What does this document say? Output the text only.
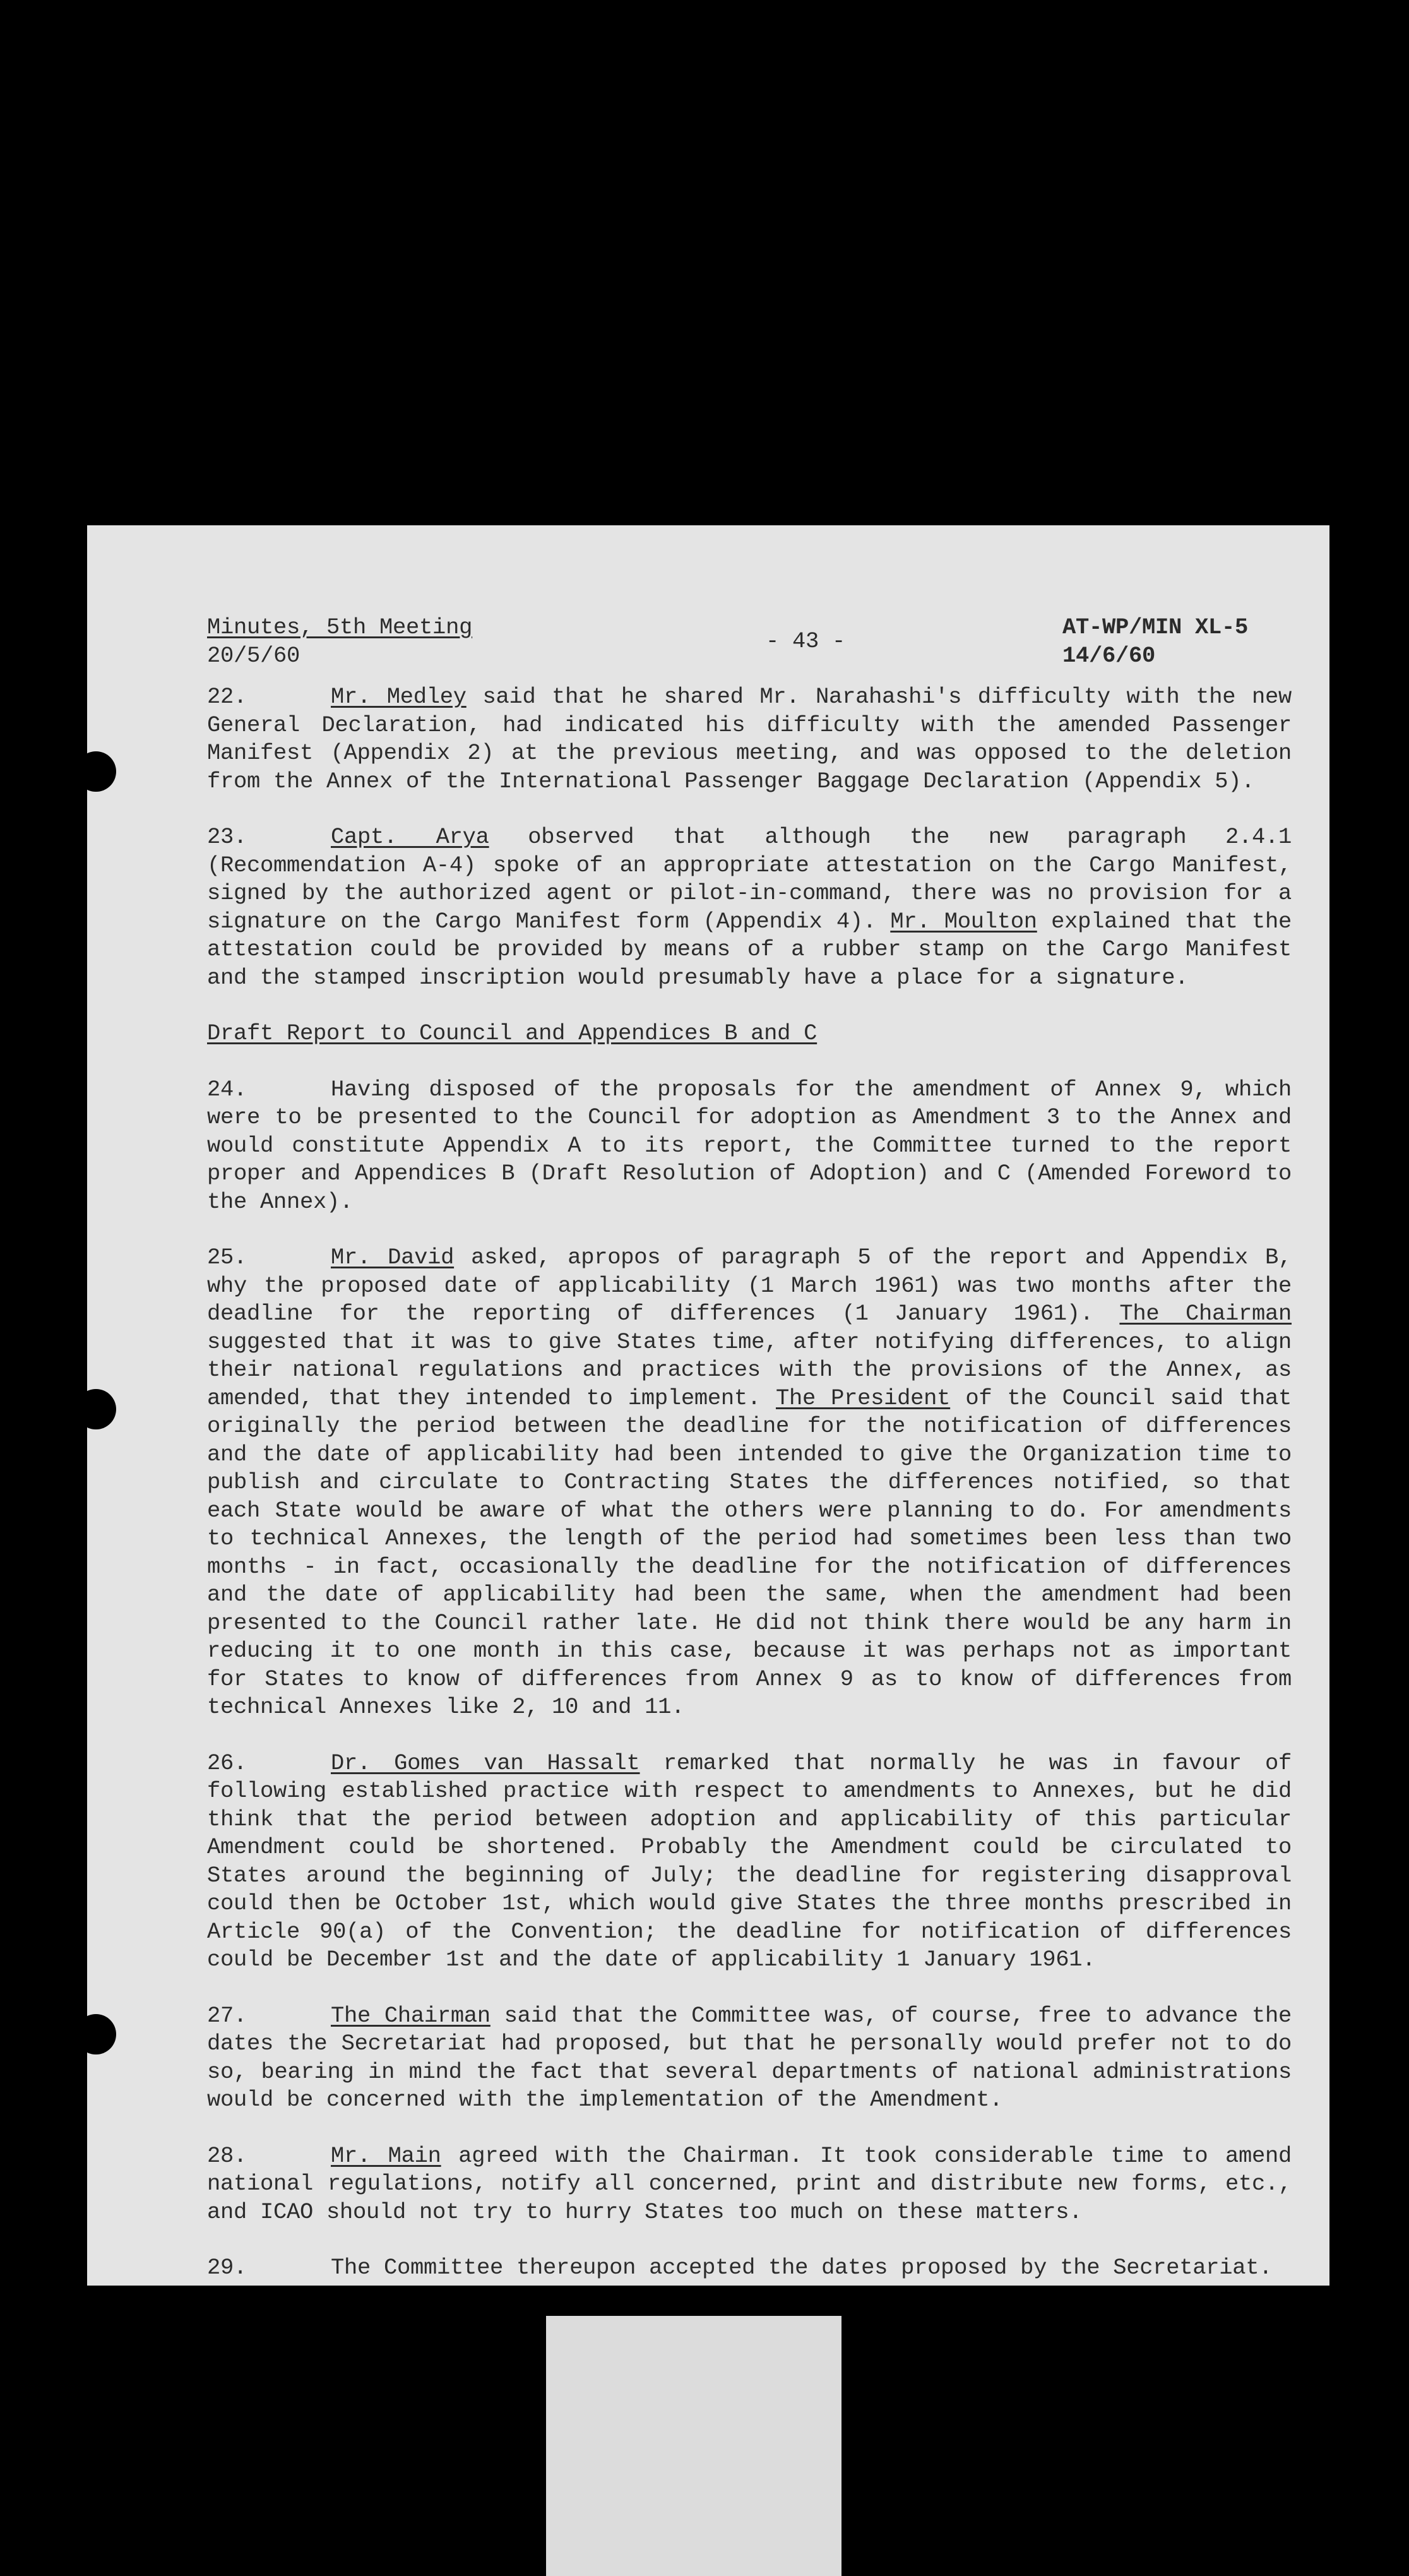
Minutes, 5th Meeting
20/5/60
- 43 -
AT-WP/MIN XL-5
14/6/60

22.	Mr. Medley said that he shared Mr. Narahashi's difficulty with the new General Declaration, had indicated his difficulty with the amended Passenger Manifest (Appendix 2) at the previous meeting, and was opposed to the deletion from the Annex of the International Passenger Baggage Declaration (Appendix 5).

23.	Capt. Arya observed that although the new paragraph 2.4.1 (Recommendation A-4) spoke of an appropriate attestation on the Cargo Manifest, signed by the authorized agent or pilot-in-command, there was no provision for a signature on the Cargo Manifest form (Appendix 4). Mr. Moulton explained that the attestation could be provided by means of a rubber stamp on the Cargo Manifest and the stamped inscription would presumably have a place for a signature.

Draft Report to Council and Appendices B and C

24.	Having disposed of the proposals for the amendment of Annex 9, which were to be presented to the Council for adoption as Amendment 3 to the Annex and would constitute Appendix A to its report, the Committee turned to the report proper and Appendices B (Draft Resolution of Adoption) and C (Amended Foreword to the Annex).

25.	Mr. David asked, apropos of paragraph 5 of the report and Appendix B, why the proposed date of applicability (1 March 1961) was two months after the deadline for the reporting of differences (1 January 1961). The Chairman suggested that it was to give States time, after notifying differences, to align their national regulations and practices with the provisions of the Annex, as amended, that they intended to implement. The President of the Council said that originally the period between the deadline for the notification of differences and the date of applicability had been intended to give the Organization time to publish and circulate to Contracting States the differences notified, so that each State would be aware of what the others were planning to do. For amendments to technical Annexes, the length of the period had sometimes been less than two months - in fact, occasionally the deadline for the notification of differences and the date of applicability had been the same, when the amendment had been presented to the Council rather late. He did not think there would be any harm in reducing it to one month in this case, because it was perhaps not as important for States to know of differences from Annex 9 as to know of differences from technical Annexes like 2, 10 and 11.

26.	Dr. Gomes van Hassalt remarked that normally he was in favour of following established practice with respect to amendments to Annexes, but he did think that the period between adoption and applicability of this particular Amendment could be shortened. Probably the Amendment could be circulated to States around the beginning of July; the deadline for registering disapproval could then be October 1st, which would give States the three months prescribed in Article 90(a) of the Convention; the deadline for notification of differences could be December 1st and the date of applicability 1 January 1961.

27.	The Chairman said that the Committee was, of course, free to advance the dates the Secretariat had proposed, but that he personally would prefer not to do so, bearing in mind the fact that several departments of national administrations would be concerned with the implementation of the Amendment.

28.	Mr. Main agreed with the Chairman. It took considerable time to amend national regulations, notify all concerned, print and distribute new forms, etc., and ICAO should not try to hurry States too much on these matters.

29.	The Committee thereupon accepted the dates proposed by the Secretariat.
